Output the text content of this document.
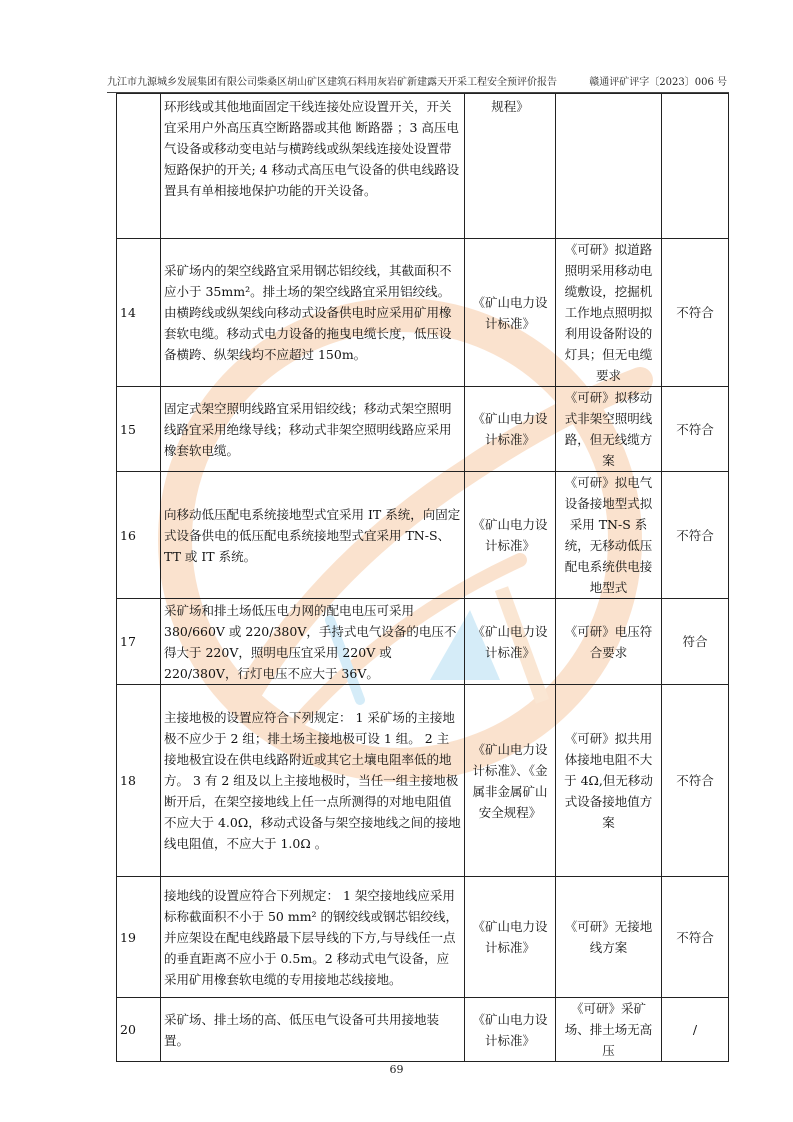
九江市九源城乡发展集团有限公司柴桑区胡山矿区建筑石料用灰岩矿新建露天开采工程安全预评价报告	赣通评矿评字〔2023〕006 号
	环形线或其他地面固定干线连接处应设置开关，开关宜采用户外高压真空断路器或其他 断路器 ；3 高压电气设备或移动变电站与横跨线或纵架线连接处设置带短路保护的开关; 4 移动式高压电气设备的供电线路设置具有单相接地保护功能的开关设备。	规程》		
14	采矿场内的架空线路宜采用钢芯铝绞线，其截面积不应小于 35mm²。排土场的架空线路宜采用铝绞线。由横跨线或纵架线向移动式设备供电时应采用矿用橡套软电缆。移动式电力设备的拖曳电缆长度，低压设备横跨、纵架线均不应超过 150m。	《矿山电力设计标准》	《可研》拟道路照明采用移动电缆敷设，挖掘机工作地点照明拟利用设备附设的灯具；但无电缆要求	不符合
15	固定式架空照明线路宜采用铝绞线；移动式架空照明线路宜采用绝缘导线；移动式非架空照明线路应采用橡套软电缆。	《矿山电力设计标准》	《可研》拟移动式非架空照明线路，但无线缆方案	不符合
16	向移动低压配电系统接地型式宜采用 IT 系统，向固定式设备供电的低压配电系统接地型式宜采用 TN-S、TT 或 IT 系统。	《矿山电力设计标准》	《可研》拟电气设备接地型式拟采用 TN-S 系统，无移动低压配电系统供电接地型式	不符合
17	采矿场和排土场低压电力网的配电电压可采用 380/660V 或 220/380V，手持式电气设备的电压不得大于 220V，照明电压宜采用 220V 或 220/380V，行灯电压不应大于 36V。	《矿山电力设计标准》	《可研》电压符合要求	符合
18	主接地极的设置应符合下列规定： 1 采矿场的主接地极不应少于 2 组；排土场主接地极可设 1 组。 2 主接地极宜设在供电线路附近或其它土壤电阻率低的地方。 3 有 2 组及以上主接地极时，当任一组主接地极断开后，在架空接地线上任一点所测得的对地电阻值不应大于 4.0Ω，移动式设备与架空接地线之间的接地线电阻值，不应大于 1.0Ω 。	《矿山电力设计标准》、《金属非金属矿山安全规程》	《可研》拟共用体接地电阻不大于 4Ω,但无移动式设备接地值方案	不符合
19	接地线的设置应符合下列规定： 1 架空接地线应采用标称截面积不小于 50 mm² 的钢绞线或钢芯铝绞线，并应架设在配电线路最下层导线的下方,与导线任一点的垂直距离不应小于 0.5m。2 移动式电气设备，应采用矿用橡套软电缆的专用接地芯线接地。	《矿山电力设计标准》	《可研》无接地线方案	不符合
20	采矿场、排土场的高、低压电气设备可共用接地装置。	《矿山电力设计标准》	《可研》采矿场、排土场无高压	/
69
